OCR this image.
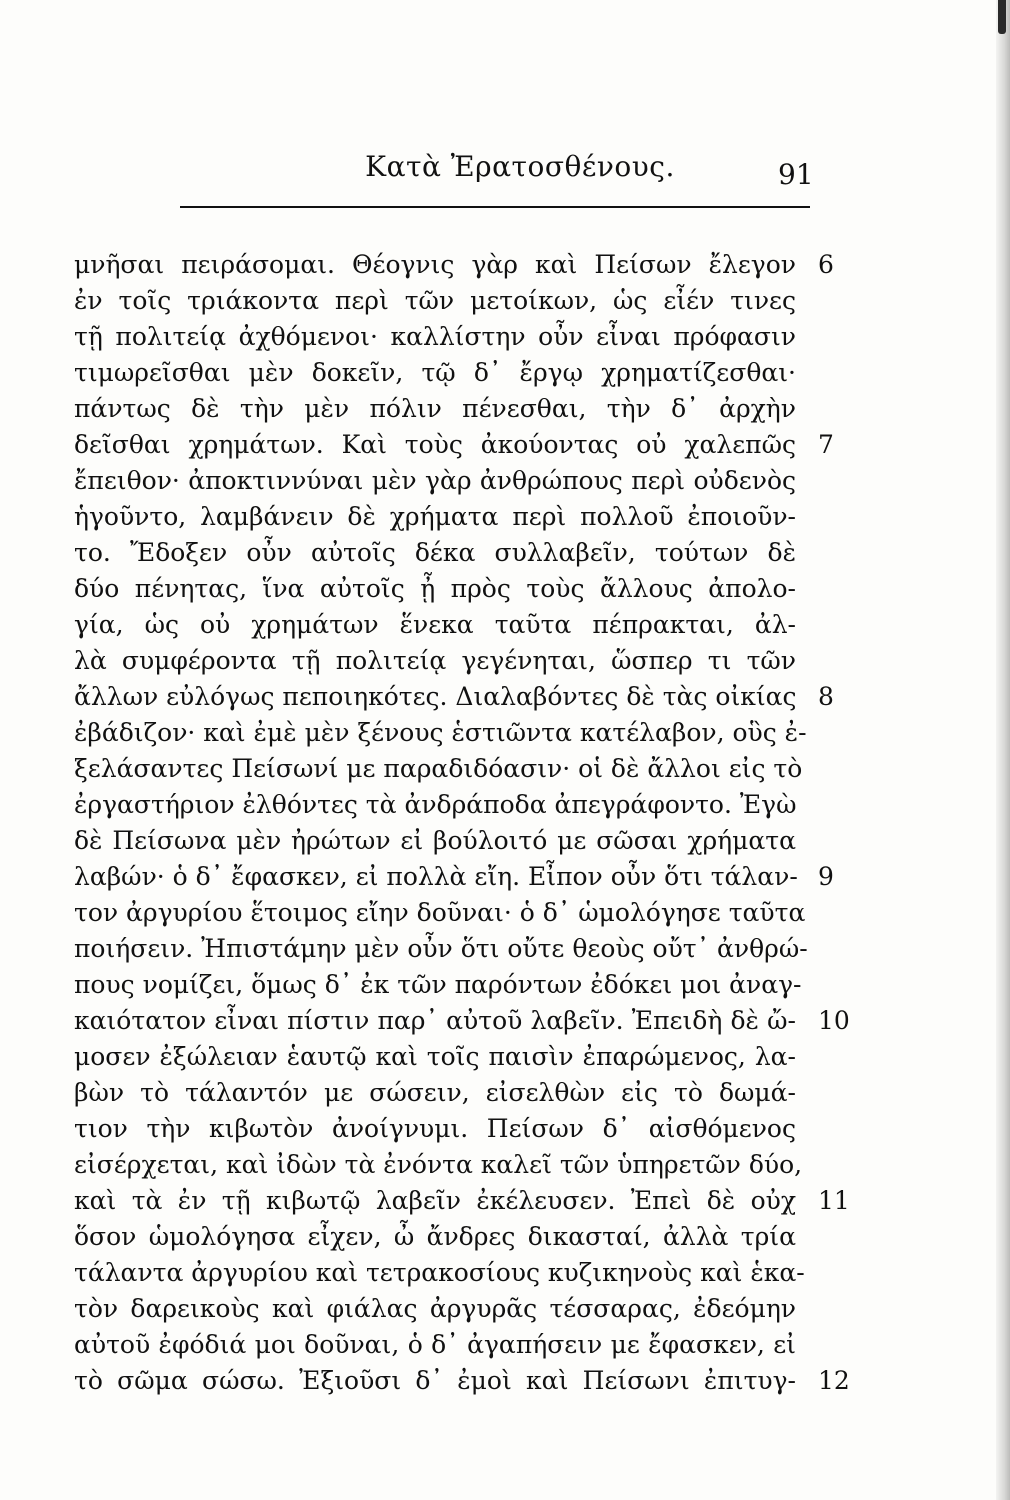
Κατὰ Ἐρατοσθένους.	91
μνῆσαι πειράσομαι. Θέογνις γὰρ καὶ Πείσων ἔλεγον
ἐν τοῖς τριάκοντα περὶ τῶν μετοίκων, ὡς εἶέν τινες
τῇ πολιτείᾳ ἀχθόμενοι· καλλίστην οὖν εἶναι πρόφασιν
τιμωρεῖσθαι μὲν δοκεῖν, τῷ δ᾽ ἔργῳ χρηματίζεσθαι·
πάντως δὲ τὴν μὲν πόλιν πένεσθαι, τὴν δ᾽ ἀρχὴν
δεῖσθαι χρημάτων. Καὶ τοὺς ἀκούοντας οὐ χαλεπῶς
ἔπειθον· ἀποκτιννύναι μὲν γὰρ ἀνθρώπους περὶ οὐδενὸς
ἡγοῦντο, λαμβάνειν δὲ χρήματα περὶ πολλοῦ ἐποιοῦν-
το. Ἔδοξεν οὖν αὐτοῖς δέκα συλλαβεῖν, τούτων δὲ
δύο πένητας, ἵνα αὐτοῖς ᾖ πρὸς τοὺς ἄλλους ἀπολο-
γία, ὡς οὐ χρημάτων ἕνεκα ταῦτα πέπρακται, ἀλ-
λὰ συμφέροντα τῇ πολιτείᾳ γεγένηται, ὥσπερ τι τῶν
ἄλλων εὐλόγως πεποιηκότες. Διαλαβόντες δὲ τὰς οἰκίας
ἐβάδιζον· καὶ ἐμὲ μὲν ξένους ἑστιῶντα κατέλαβον, οὓς ἐ-
ξελάσαντες Πείσωνί με παραδιδόασιν· οἱ δὲ ἄλλοι εἰς τὸ
ἐργαστήριον ἐλθόντες τὰ ἀνδράποδα ἀπεγράφοντο. Ἐγὼ
δὲ Πείσωνα μὲν ἠρώτων εἰ βούλοιτό με σῶσαι χρήματα
λαβών· ὁ δ᾽ ἔφασκεν, εἰ πολλὰ εἴη. Εἶπον οὖν ὅτι τάλαν-
τον ἀργυρίου ἕτοιμος εἴην δοῦναι· ὁ δ᾽ ὡμολόγησε ταῦτα
ποιήσειν. Ἠπιστάμην μὲν οὖν ὅτι οὔτε θεοὺς οὔτ᾽ ἀνθρώ-
πους νομίζει, ὅμως δ᾽ ἐκ τῶν παρόντων ἐδόκει μοι ἀναγ-
καιότατον εἶναι πίστιν παρ᾽ αὐτοῦ λαβεῖν. Ἐπειδὴ δὲ ὤ-
μοσεν ἐξώλειαν ἑαυτῷ καὶ τοῖς παισὶν ἐπαρώμενος, λα-
βὼν τὸ τάλαντόν με σώσειν, εἰσελθὼν εἰς τὸ δωμά-
τιον τὴν κιβωτὸν ἀνοίγνυμι. Πείσων δ᾽ αἰσθόμενος
εἰσέρχεται, καὶ ἰδὼν τὰ ἐνόντα καλεῖ τῶν ὑπηρετῶν δύο,
καὶ τὰ ἐν τῇ κιβωτῷ λαβεῖν ἐκέλευσεν. Ἐπεὶ δὲ οὐχ
ὅσον ὡμολόγησα εἶχεν, ὦ ἄνδρες δικασταί, ἀλλὰ τρία
τάλαντα ἀργυρίου καὶ τετρακοσίους κυζικηνοὺς καὶ ἑκα-
τὸν δαρεικοὺς καὶ φιάλας ἀργυρᾶς τέσσαρας, ἐδεόμην
αὐτοῦ ἐφόδιά μοι δοῦναι, ὁ δ᾽ ἀγαπήσειν με ἔφασκεν, εἰ
τὸ σῶμα σώσω. Ἐξιοῦσι δ᾽ ἐμοὶ καὶ Πείσωνι ἐπιτυγ-
6
7
8
9
10
11
12
